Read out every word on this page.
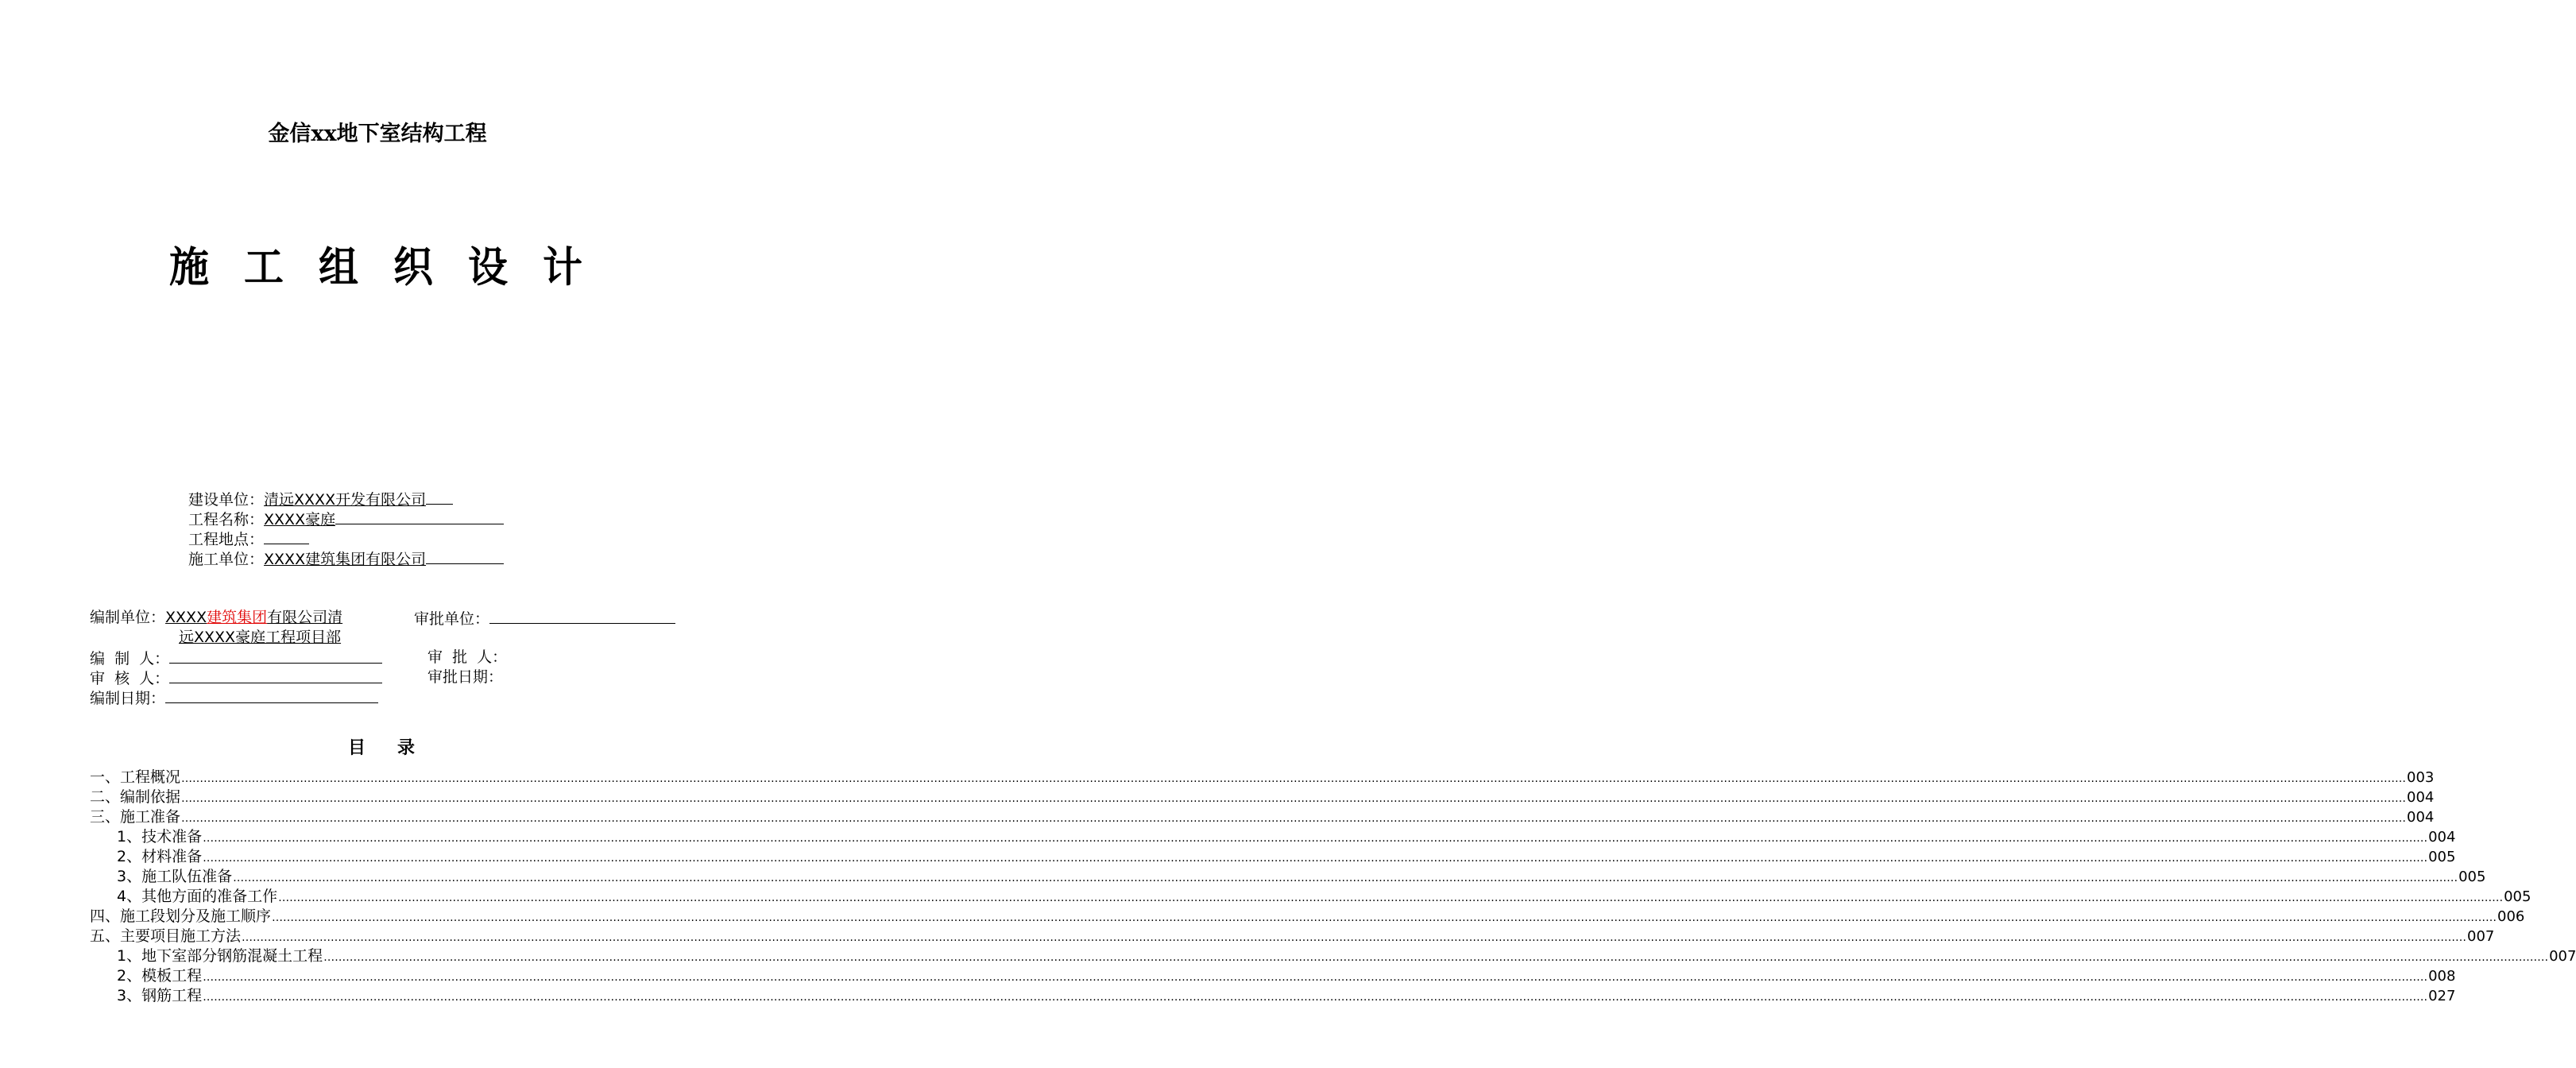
金信xx地下室结构工程
施工组织设计
建设单位：清远XXXX开发有限公司
工程名称：XXXX豪庭
工程地点：
施工单位：XXXX建筑集团有限公司
编制单位：XXXX建筑集团有限公司清
远XXXX豪庭工程项目部
审批单位：
编  制  人：	审  批  人：
审  核  人：	审批日期：
编制日期：
目录
一、工程概况 …………………………………………………………………………………………………………………………………………………………………………………………………………………………………………………………………………………………………………………………………………………………………………………………………………………………………………………………………………………………………………………………………………………… 003
二、编制依据 …………………………………………………………………………………………………………………………………………………………………………………………………………………………………………………………………………………………………………………………………………………………………………………………………………………………………………………………………………………………………………………………………………………… 004
三、施工准备 …………………………………………………………………………………………………………………………………………………………………………………………………………………………………………………………………………………………………………………………………………………………………………………………………………………………………………………………………………………………………………………………………………………… 004
1、技术准备 …………………………………………………………………………………………………………………………………………………………………………………………………………………………………………………………………………………………………………………………………………………………………………………………………………………………………………………………………………………………………………………………………………………… 004
2、材料准备 …………………………………………………………………………………………………………………………………………………………………………………………………………………………………………………………………………………………………………………………………………………………………………………………………………………………………………………………………………………………………………………………………………………… 005
3、施工队伍准备 …………………………………………………………………………………………………………………………………………………………………………………………………………………………………………………………………………………………………………………………………………………………………………………………………………………………………………………………………………………………………………………………………………………… 005
4、其他方面的准备工作 …………………………………………………………………………………………………………………………………………………………………………………………………………………………………………………………………………………………………………………………………………………………………………………………………………………………………………………………………………………………………………………………………………………… 005
四、施工段划分及施工顺序 …………………………………………………………………………………………………………………………………………………………………………………………………………………………………………………………………………………………………………………………………………………………………………………………………………………………………………………………………………………………………………………………………………………… 006
五、主要项目施工方法 …………………………………………………………………………………………………………………………………………………………………………………………………………………………………………………………………………………………………………………………………………………………………………………………………………………………………………………………………………………………………………………………………………………… 007
1、地下室部分钢筋混凝土工程 …………………………………………………………………………………………………………………………………………………………………………………………………………………………………………………………………………………………………………………………………………………………………………………………………………………………………………………………………………………………………………………………………………………… 007
2、模板工程 …………………………………………………………………………………………………………………………………………………………………………………………………………………………………………………………………………………………………………………………………………………………………………………………………………………………………………………………………………………………………………………………………………………… 008
3、钢筋工程 …………………………………………………………………………………………………………………………………………………………………………………………………………………………………………………………………………………………………………………………………………………………………………………………………………………………………………………………………………………………………………………………………………………… 027
